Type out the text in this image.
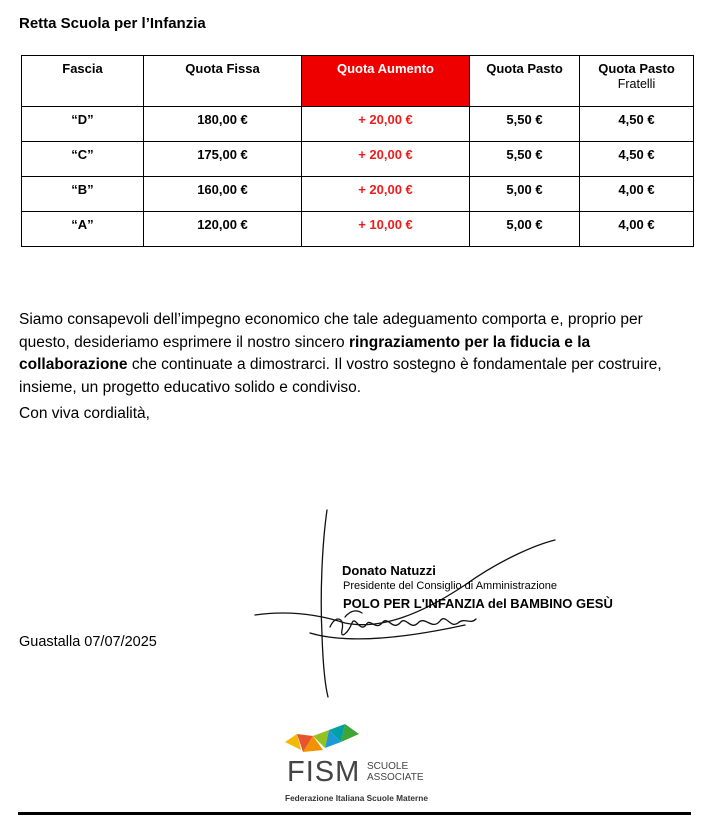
Retta Scuola per l’Infanzia
Fascia	Quota Fissa	Quota Aumento	Quota Pasto	Quota Pasto
Fratelli

“D”	180,00 €	+ 20,00 €	5,50 €	4,50 €
“C”	175,00 €	+ 20,00 €	5,50 €	4,50 €
“B”	160,00 €	+ 20,00 €	5,00 €	4,00 €
“A”	120,00 €	+ 10,00 €	5,00 €	4,00 €
Siamo consapevoli dell’impegno economico che tale adeguamento comporta e, proprio per questo, desideriamo esprimere il nostro sincero ringraziamento per la fiducia e la collaborazione che continuate a dimostrarci. Il vostro sostegno è fondamentale per costruire, insieme, un progetto educativo solido e condiviso.
Con viva cordialità,
Donato Natuzzi
Presidente del Consiglio di Amministrazione
POLO PER L'INFANZIA del BAMBINO GESÙ
Guastalla 07/07/2025
FISM SCUOLE
ASSOCIATE
Federazione Italiana Scuole Materne
